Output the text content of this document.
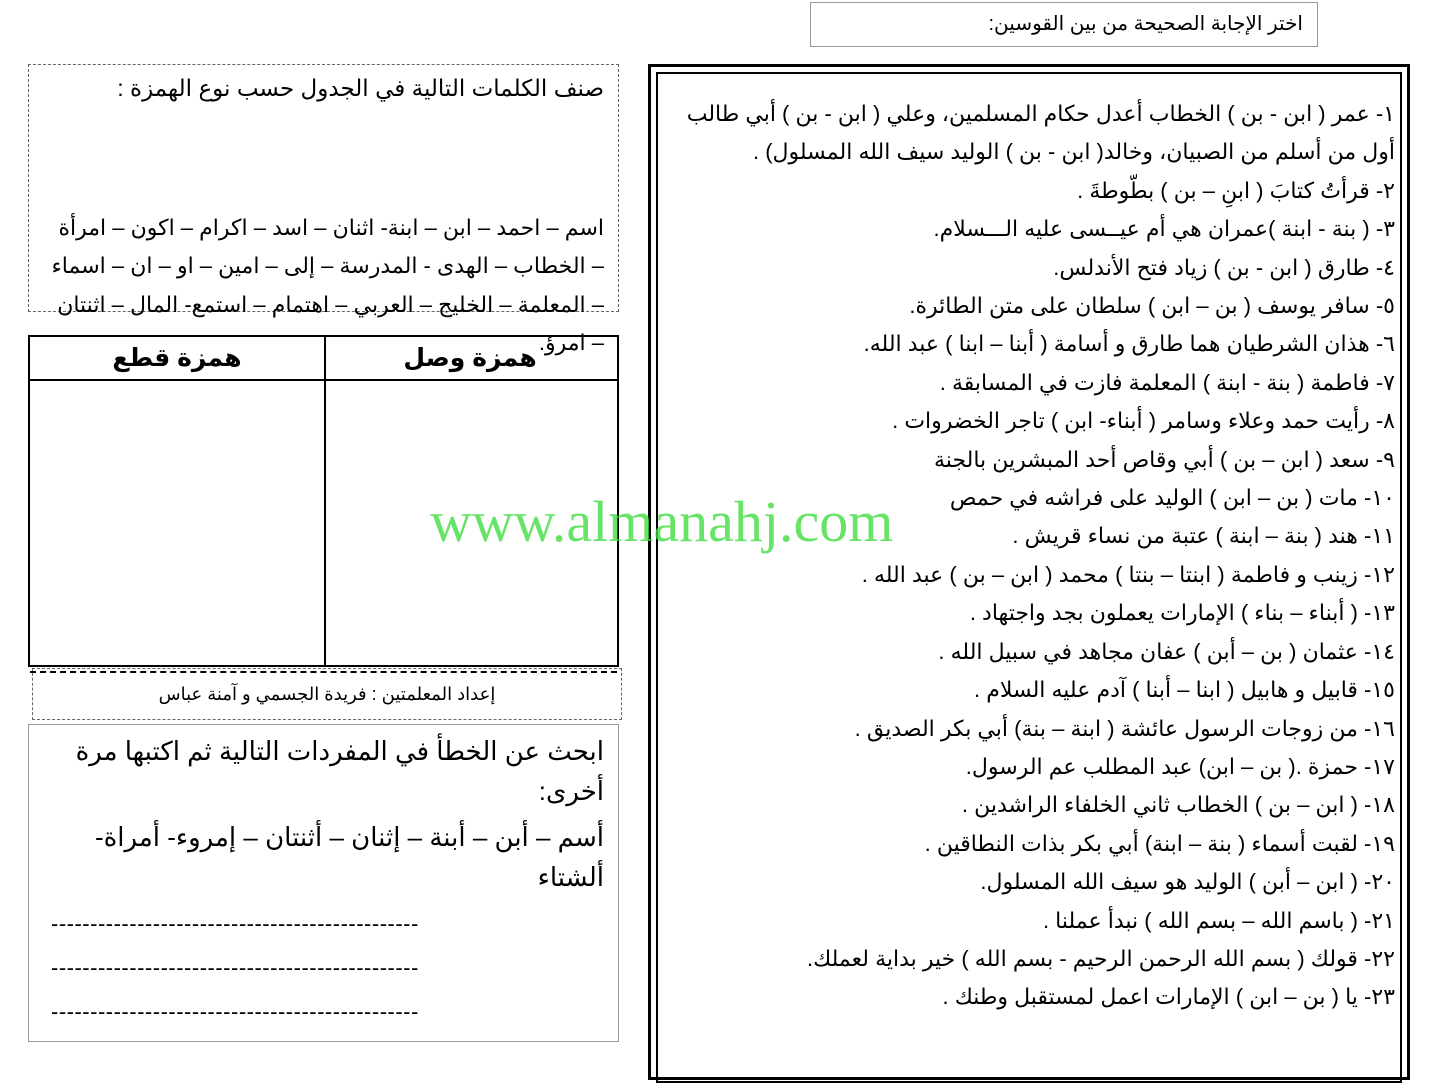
اختر الإجابة الصحيحة من بين القوسين:
١- عمر ( ابن - بن ) الخطاب أعدل حكام المسلمين، وعلي ( ابن - بن ) أبي طالب أول من أسلم من الصبيان، وخالد( ابن - بن ) الوليد سيف الله المسلول) .
٢- قرأتُ كتابَ ( ابنِ – بن ) بطّوطةَ .
٣- ( بنة - ابنة )عمران هي أم عيــسى عليه الـــسلام.
٤- طارق ( ابن - بن ) زياد فتح الأندلس.
٥- سافر يوسف ( بن – ابن ) سلطان على متن الطائرة.
٦- هذان الشرطيان هما طارق و أسامة ( أبنا – ابنا ) عبد الله.
٧- فاطمة ( بنة - ابنة ) المعلمة فازت في المسابقة .
٨- رأيت حمد وعلاء وسامر ( أبناء- ابن ) تاجر الخضروات .
٩- سعد ( ابن – بن ) أبي وقاص أحد المبشرين بالجنة
١٠- مات ( بن – ابن ) الوليد على فراشه في حمص
١١- هند ( بنة – ابنة ) عتبة من نساء قريش .
١٢- زينب و فاطمة ( ابنتا – بنتا ) محمد ( ابن – بن ) عبد الله .
١٣- ( أبناء – بناء ) الإمارات يعملون بجد واجتهاد .
١٤- عثمان ( بن – أبن ) عفان مجاهد في سبيل الله .
١٥- قابيل و هابيل ( ابنا – أبنا ) آدم عليه السلام .
١٦- من زوجات الرسول عائشة ( ابنة – بنة) أبي بكر الصديق .
١٧- حمزة .( بن – ابن) عبد المطلب عم الرسول.
١٨- ( ابن – بن ) الخطاب ثاني الخلفاء الراشدين .
١٩- لقبت أسماء ( بنة – ابنة) أبي بكر بذات النطاقين .
٢٠- ( ابن – أبن ) الوليد هو سيف الله المسلول.
٢١- ( باسم الله – بسم الله ) نبدأ عملنا .
٢٢- قولك ( بسم الله الرحمن الرحيم - بسم الله ) خير بداية لعملك.
٢٣- يا ( بن – ابن ) الإمارات اعمل لمستقبل وطنك .
صنف الكلمات التالية في الجدول حسب نوع الهمزة :
اسم – احمد – ابن – ابنة- اثنان – اسد – اكرام – اكون – امرأة – الخطاب – الهدى - المدرسة – إلى – امين – او – ان – اسماء – المعلمة – الخليج – العربي – اهتمام – استمع- المال – اثنتان – امرؤ.
همزة وصل
همزة قطع
إعداد المعلمتين : فريدة الجسمي و آمنة عباس
ابحث عن الخطأ في المفردات التالية ثم اكتبها مرة أخرى:
أسم – أبن – أبنة – إثنان – أثنتان – إمروء- أمراة- ألشتاء
-----------------------------------------------
-----------------------------------------------
-----------------------------------------------
www.almanahj.com
